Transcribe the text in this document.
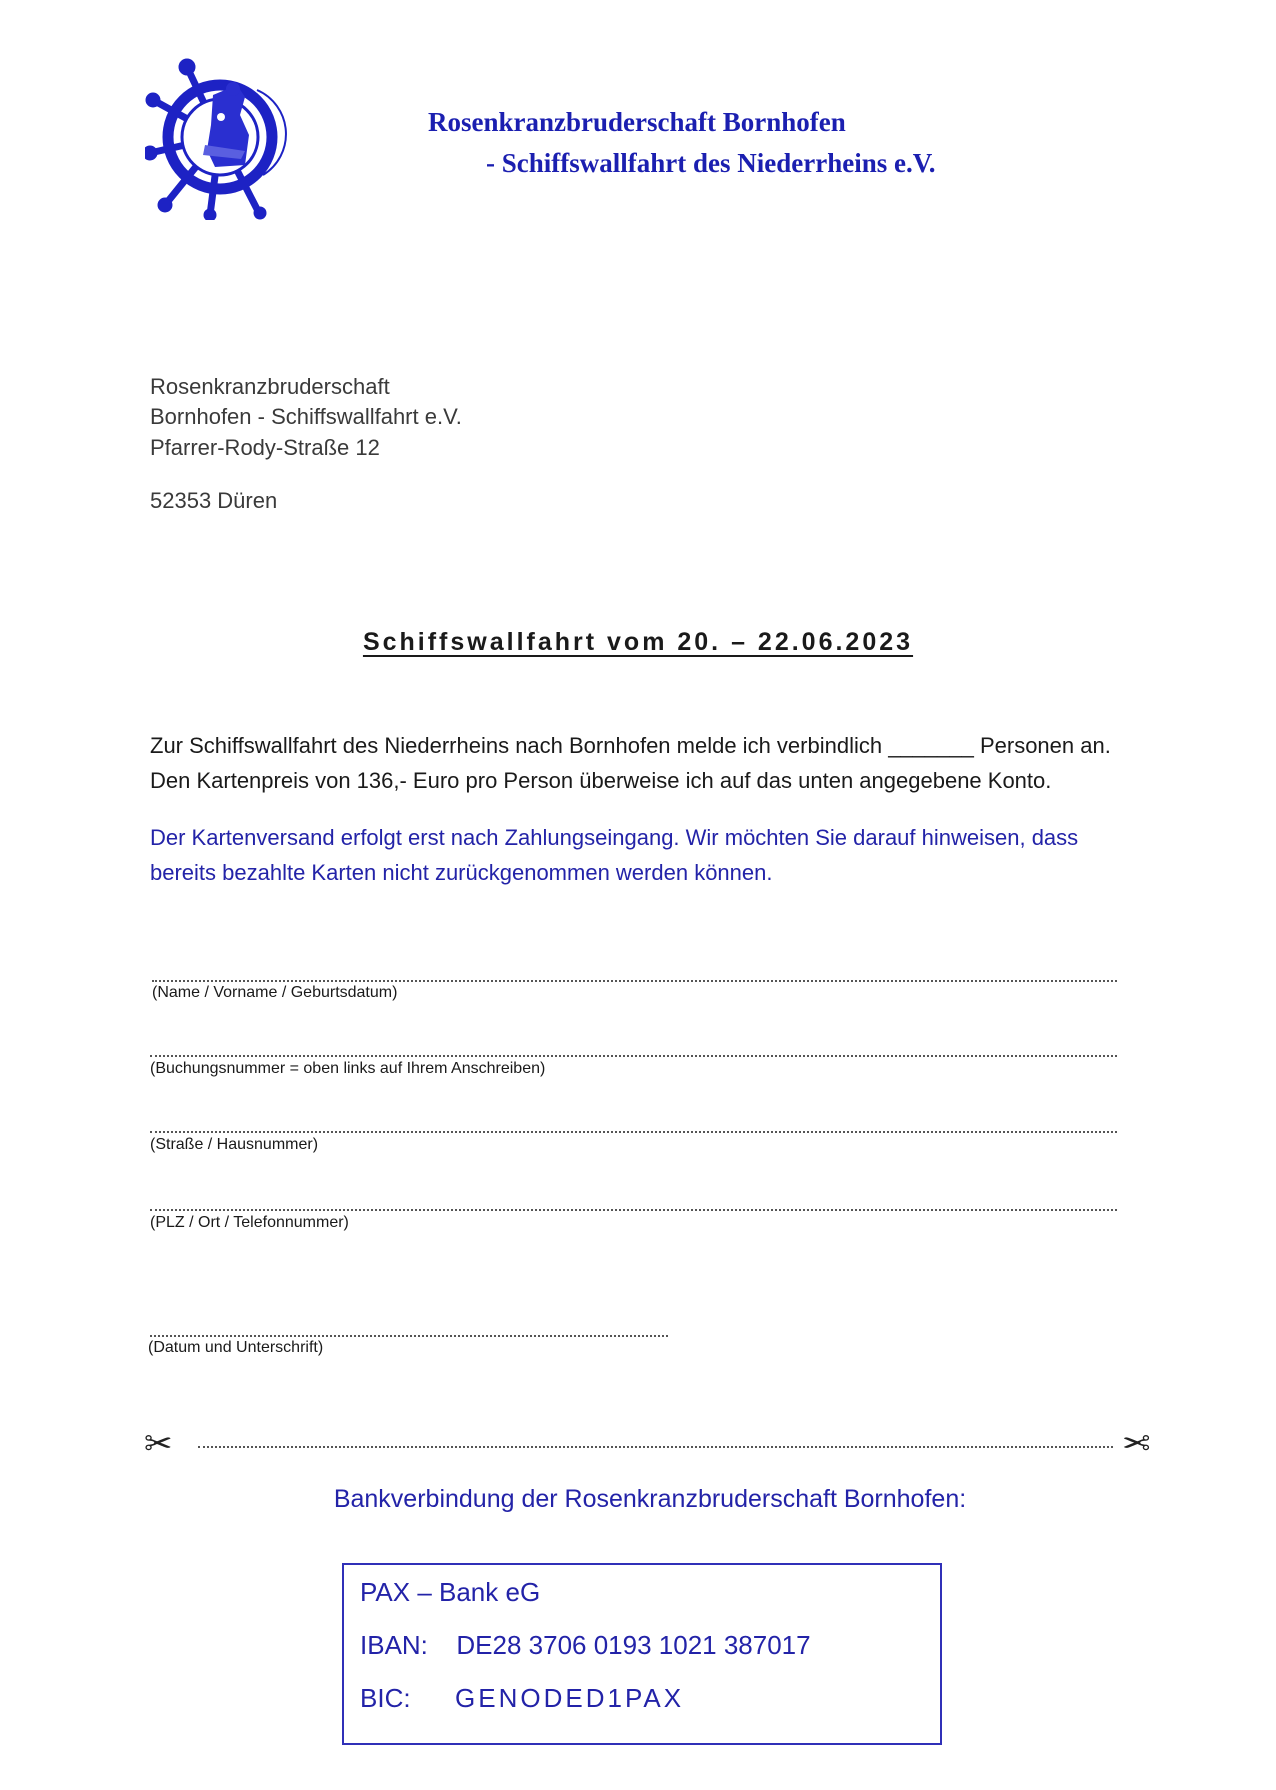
Rosenkranzbruderschaft Bornhofen
- Schiffswallfahrt des Niederrheins e.V.
Rosenkranzbruderschaft
Bornhofen - Schiffswallfahrt e.V.
Pfarrer-Rody-Straße 12
52353 Düren
Schiffswallfahrt vom 20. – 22.06.2023
Zur Schiffswallfahrt des Niederrheins nach Bornhofen melde ich verbindlich _______ Personen an.
Den Kartenpreis von 136,- Euro pro Person überweise ich auf das unten angegebene Konto.
Der Kartenversand erfolgt erst nach Zahlungseingang. Wir möchten Sie darauf hinweisen, dass
bereits bezahlte Karten nicht zurückgenommen werden können.
(Name / Vorname / Geburtsdatum)
(Buchungsnummer = oben links auf Ihrem Anschreiben)
(Straße / Hausnummer)
(PLZ / Ort / Telefonnummer)
(Datum und Unterschrift)
✂	✂
Bankverbindung der Rosenkranzbruderschaft Bornhofen:
PAX – Bank eG
IBAN: DE28 3706 0193 1021 387017
BIC: GENODED1PAX
